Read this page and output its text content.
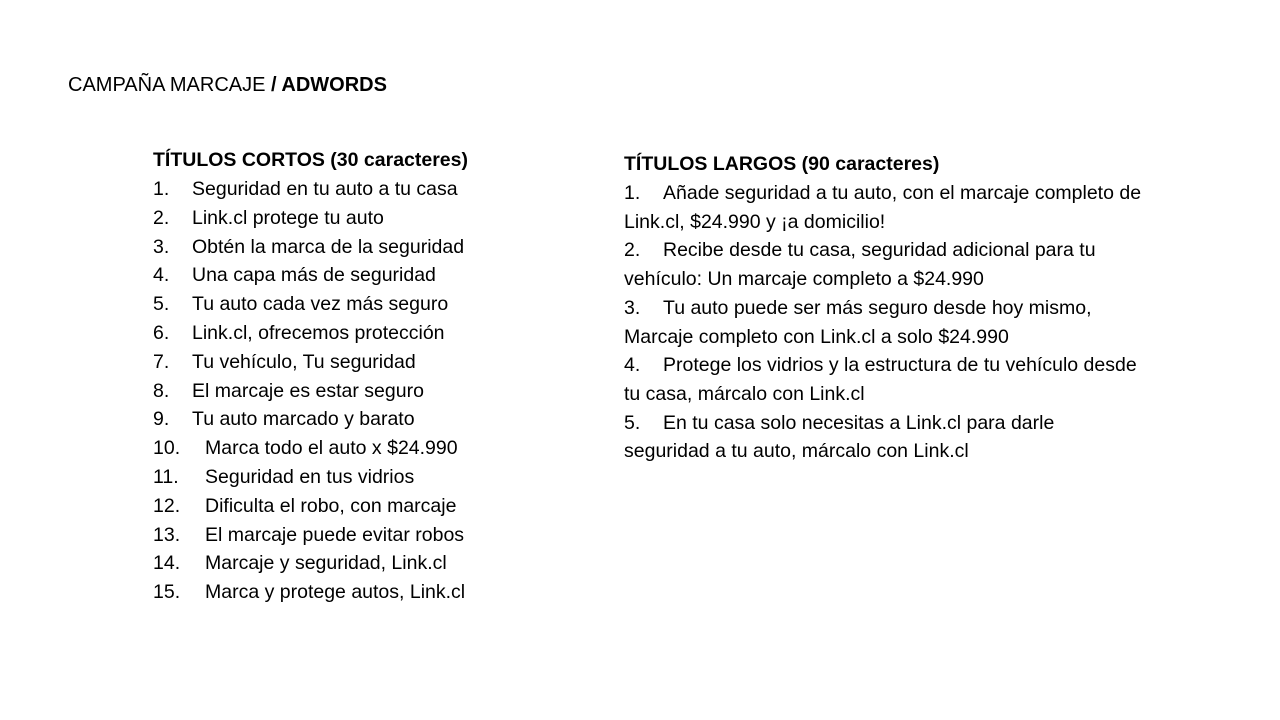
CAMPAÑA MARCAJE / ADWORDS
TÍTULOS CORTOS (30 caracteres)
1. Seguridad en tu auto a tu casa
2. Link.cl protege tu auto
3. Obtén la marca de la seguridad
4. Una capa más de seguridad
5. Tu auto cada vez más seguro
6. Link.cl, ofrecemos protección
7. Tu vehículo, Tu seguridad
8. El marcaje es estar seguro
9. Tu auto marcado y barato
10. Marca todo el auto x $24.990
11. Seguridad en tus vidrios
12. Dificulta el robo, con marcaje
13. El marcaje puede evitar robos
14. Marcaje y seguridad, Link.cl
15. Marca y protege autos, Link.cl
TÍTULOS LARGOS (90 caracteres)
1. Añade seguridad a tu auto, con el marcaje completo de Link.cl, $24.990 y ¡a domicilio!
2. Recibe desde tu casa, seguridad adicional para tu vehículo: Un marcaje completo a $24.990
3. Tu auto puede ser más seguro desde hoy mismo, Marcaje completo con Link.cl a solo $24.990
4. Protege los vidrios y la estructura de tu vehículo desde tu casa, márcalo con Link.cl
5. En tu casa solo necesitas a Link.cl para darle seguridad a tu auto, márcalo con Link.cl
